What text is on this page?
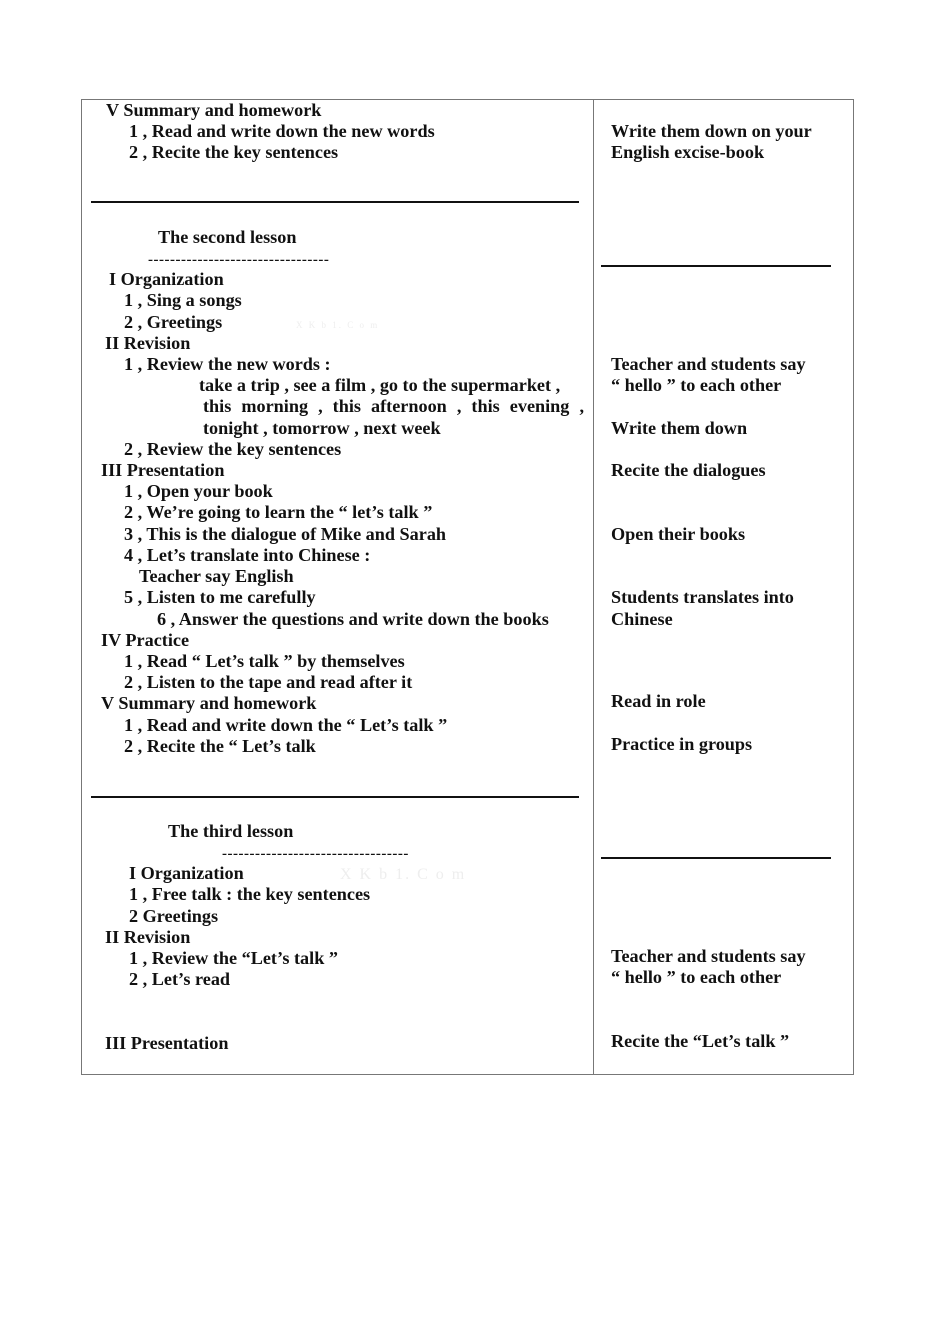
V Summary and homework
1 , Read and write down the new words
2 , Recite the key sentences
The second lesson
---------------------------------
I Organization
1 , Sing a songs
2 , Greetings	X K b 1. C o m
II Revision
1 , Review the new words :
take a trip , see a film , go to the supermarket ,
this morning , this afternoon , this evening ,
tonight , tomorrow , next week
2 , Review the key sentences
III Presentation
1 , Open your book
2 , We’re going to learn the “ let’s talk ”
3 , This is the dialogue of Mike and Sarah
4 , Let’s translate into Chinese :
Teacher say English
5 , Listen to me carefully
6 , Answer the questions and write down the books
IV Practice
1 , Read “ Let’s talk ” by themselves
2 , Listen to the tape and read after it
V Summary and homework
1 , Read and write down the “ Let’s talk ”
2 , Recite the “ Let’s talk
The third lesson
----------------------------------
I Organization	X K b 1. C o m
1 , Free talk : the key sentences
2 Greetings
II Revision
1 , Review the “Let’s talk ”
2 , Let’s read
III Presentation
Write them down on your
English excise-book
Teacher and students say
“ hello ” to each other
Write them down
Recite the dialogues
Open their books
Students translates into
Chinese
Read in role
Practice in groups
Teacher and students say
“ hello ” to each other
Recite the “Let’s talk ”
